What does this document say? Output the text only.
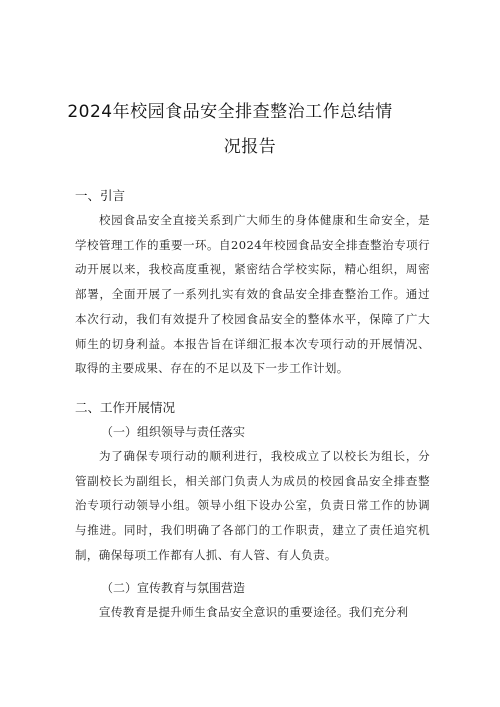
2024年校园食品安全排查整治工作总结情
况报告
一、引言
校园食品安全直接关系到广大师生的身体健康和生命安全，是学校管理工作的重要一环。自2024年校园食品安全排查整治专项行动开展以来，我校高度重视，紧密结合学校实际，精心组织，周密部署，全面开展了一系列扎实有效的食品安全排查整治工作。通过本次行动，我们有效提升了校园食品安全的整体水平，保障了广大师生的切身利益。本报告旨在详细汇报本次专项行动的开展情况、取得的主要成果、存在的不足以及下一步工作计划。
二、工作开展情况
（一）组织领导与责任落实
为了确保专项行动的顺利进行，我校成立了以校长为组长，分管副校长为副组长，相关部门负责人为成员的校园食品安全排查整治专项行动领导小组。领导小组下设办公室，负责日常工作的协调与推进。同时，我们明确了各部门的工作职责，建立了责任追究机制，确保每项工作都有人抓、有人管、有人负责。
（二）宣传教育与氛围营造
宣传教育是提升师生食品安全意识的重要途径。我们充分利
